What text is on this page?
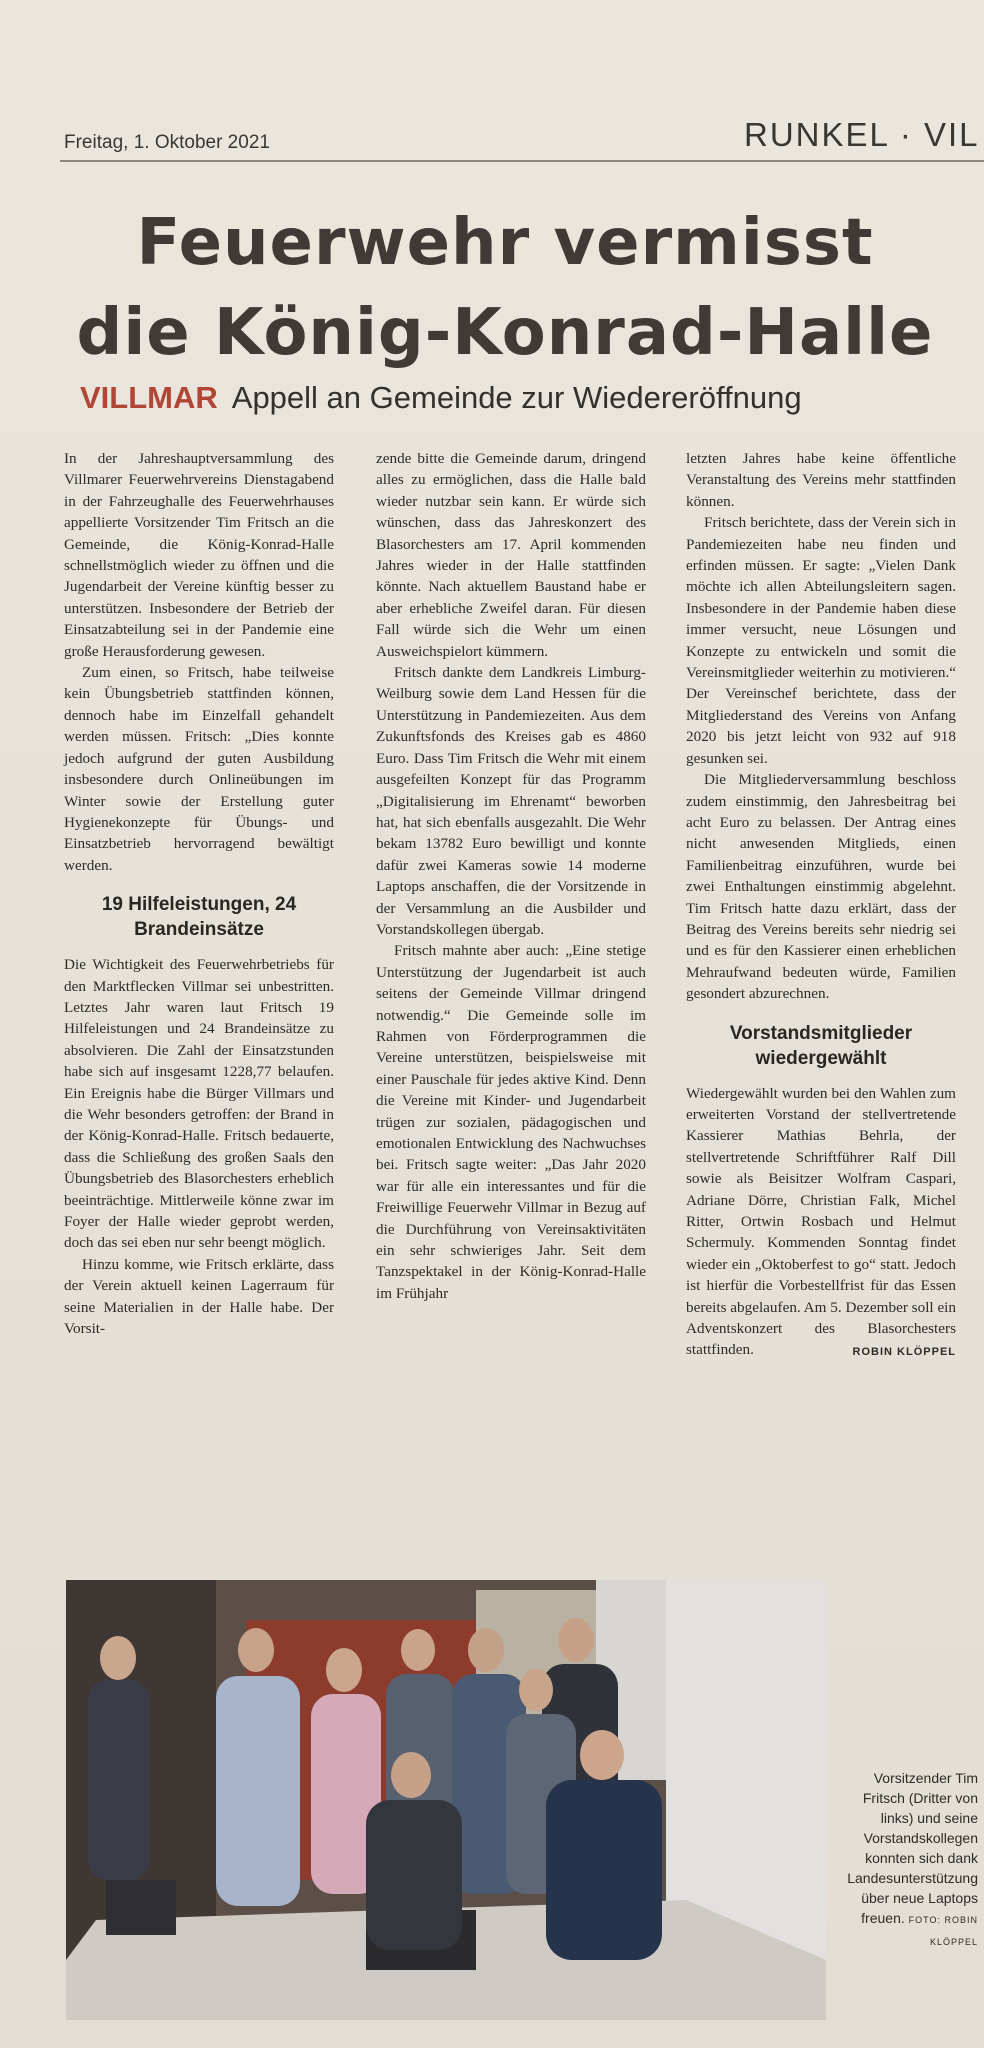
Freitag, 1. Oktober 2021	RUNKEL · VIL
Feuerwehr vermisst
die König-Konrad-Halle
VILLMAR Appell an Gemeinde zur Wiedereröffnung

In der Jahreshauptversammlung des Villmarer Feuerwehrvereins Dienstagabend in der Fahrzeughalle des Feuerwehrhauses appellierte Vorsitzender Tim Fritsch an die Gemeinde, die König-Konrad-Halle schnellstmöglich wieder zu öffnen und die Jugendarbeit der Vereine künftig besser zu unterstützen. Insbesondere der Betrieb der Einsatzabteilung sei in der Pandemie eine große Herausforderung gewesen.

Zum einen, so Fritsch, habe teilweise kein Übungsbetrieb stattfinden können, dennoch habe im Einzelfall gehandelt werden müssen. Fritsch: „Dies konnte jedoch aufgrund der guten Ausbildung insbesondere durch Onlineübungen im Winter sowie der Erstellung guter Hygienekonzepte für Übungs- und Einsatzbetrieb hervorragend bewältigt werden.

19 Hilfeleistungen, 24 Brandeinsätze

Die Wichtigkeit des Feuerwehrbetriebs für den Marktflecken Villmar sei unbestritten. Letztes Jahr waren laut Fritsch 19 Hilfeleistungen und 24 Brandeinsätze zu absolvieren. Die Zahl der Einsatzstunden habe sich auf insgesamt 1228,77 belaufen. Ein Ereignis habe die Bürger Villmars und die Wehr besonders getroffen: der Brand in der König-Konrad-Halle. Fritsch bedauerte, dass die Schließung des großen Saals den Übungsbetrieb des Blasorchesters erheblich beeinträchtige. Mittlerweile könne zwar im Foyer der Halle wieder geprobt werden, doch das sei eben nur sehr beengt möglich.

Hinzu komme, wie Fritsch erklärte, dass der Verein aktuell keinen Lagerraum für seine Materialien in der Halle habe. Der Vorsit-

zende bitte die Gemeinde darum, dringend alles zu ermöglichen, dass die Halle bald wieder nutzbar sein kann. Er würde sich wünschen, dass das Jahreskonzert des Blasorchesters am 17. April kommenden Jahres wieder in der Halle stattfinden könnte. Nach aktuellem Baustand habe er aber erhebliche Zweifel daran. Für diesen Fall würde sich die Wehr um einen Ausweichspielort kümmern.

Fritsch dankte dem Landkreis Limburg-Weilburg sowie dem Land Hessen für die Unterstützung in Pandemiezeiten. Aus dem Zukunftsfonds des Kreises gab es 4860 Euro. Dass Tim Fritsch die Wehr mit einem ausgefeilten Konzept für das Programm „Digitalisierung im Ehrenamt“ beworben hat, hat sich ebenfalls ausgezahlt. Die Wehr bekam 13782 Euro bewilligt und konnte dafür zwei Kameras sowie 14 moderne Laptops anschaffen, die der Vorsitzende in der Versammlung an die Ausbilder und Vorstandskollegen übergab.

Fritsch mahnte aber auch: „Eine stetige Unterstützung der Jugendarbeit ist auch seitens der Gemeinde Villmar dringend notwendig.“ Die Gemeinde solle im Rahmen von Förderprogrammen die Vereine unterstützen, beispielsweise mit einer Pauschale für jedes aktive Kind. Denn die Vereine mit Kinder- und Jugendarbeit trügen zur sozialen, pädagogischen und emotionalen Entwicklung des Nachwuchses bei. Fritsch sagte weiter: „Das Jahr 2020 war für alle ein interessantes und für die Freiwillige Feuerwehr Villmar in Bezug auf die Durchführung von Vereinsaktivitäten ein sehr schwieriges Jahr. Seit dem Tanzspektakel in der König-Konrad-Halle im Frühjahr

letzten Jahres habe keine öffentliche Veranstaltung des Vereins mehr stattfinden können.

Fritsch berichtete, dass der Verein sich in Pandemiezeiten habe neu finden und erfinden müssen. Er sagte: „Vielen Dank möchte ich allen Abteilungsleitern sagen. Insbesondere in der Pandemie haben diese immer versucht, neue Lösungen und Konzepte zu entwickeln und somit die Vereinsmitglieder weiterhin zu motivieren.“ Der Vereinschef berichtete, dass der Mitgliederstand des Vereins von Anfang 2020 bis jetzt leicht von 932 auf 918 gesunken sei.

Die Mitgliederversammlung beschloss zudem einstimmig, den Jahresbeitrag bei acht Euro zu belassen. Der Antrag eines nicht anwesenden Mitglieds, einen Familienbeitrag einzuführen, wurde bei zwei Enthaltungen einstimmig abgelehnt. Tim Fritsch hatte dazu erklärt, dass der Beitrag des Vereins bereits sehr niedrig sei und es für den Kassierer einen erheblichen Mehraufwand bedeuten würde, Familien gesondert abzurechnen.

Vorstandsmitglieder wiedergewählt

Wiedergewählt wurden bei den Wahlen zum erweiterten Vorstand der stellvertretende Kassierer Mathias Behrla, der stellvertretende Schriftführer Ralf Dill sowie als Beisitzer Wolfram Caspari, Adriane Dörre, Christian Falk, Michel Ritter, Ortwin Rosbach und Helmut Schermuly. Kommenden Sonntag findet wieder ein „Oktoberfest to go“ statt. Jedoch ist hierfür die Vorbestellfrist für das Essen bereits abgelaufen. Am 5. Dezember soll ein Adventskonzert des Blasorchesters stattfinden.	ROBIN KLÖPPEL

Vorsitzender Tim Fritsch (Dritter von links) und seine Vorstandskollegen konnten sich dank Landesunterstützung über neue Laptops freuen. FOTO: ROBIN KLÖPPEL
